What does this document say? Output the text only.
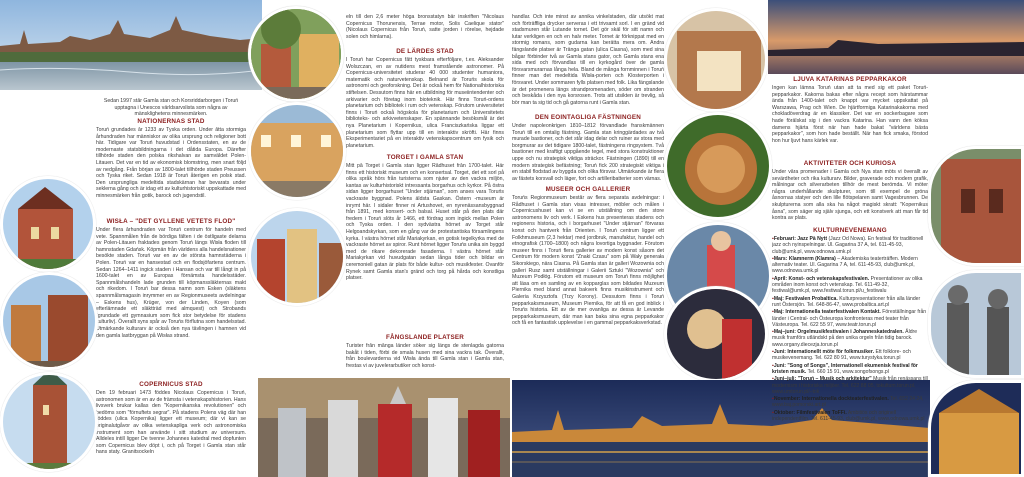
Sedan 1997 står Gamla stan och Korsriddarborgen i Toruń upptagna i Unescos världsarvslista som några av mänsklighetens minnesmärken.

NATIONERNAS STAD

Toruń grundades år 1233 av Tyska orden. Under åtta stormiga århundraden har människor av olika ursprung och religioner bott här. Tidigare var Toruń huvudstad i Ordensstaten, en av de modernaste statsbildningarna i det dåtida Europa. Därefter tillhörde staden den polska rikshalvan av samväldet Polen-Litauen. Det var en tid av ekonomisk blomstring, men snart följd av nedgång. Från början av 1800-talet tillhörde staden Preussen och Tyska riket. Sedan 1918 är Toruń återigen en polsk stad. Den ursprungliga medeltida stadskärnan har bevarats under seklerna gång och är idag ett av kulturhistoriskt uppskattade med minnesmärken från gotik, barock och jugendstil.

WISŁA – "DET GYLLENE VETETS FLOD"

Under flera århundraden var Toruń centrum för handeln med vete. Spannmålen från de bördiga fälten i de östligaste delarna av Polen-Litauen fraktades genom Toruń längs Wisła floden till hamnstaden Gdańsk. Köpmän från världens alla handelsnationer besökte staden. Toruń var en av de största hamnstäderna i Polen. Toruń var en hansestad och en flodsjöfartens centrum. Sedan 1264–1411 ingick staden i Hansan och var till långt in på 1600-talet en av Europas förnämsta handelsstäder. Spannmålshandeln lade grunden till köpmanssläkternas makt och rikedom. I Toruń bar dessa namn som Esken (släktens spannmålsmagasin inrymmer en av Regionmuseets avdelningar – Eskens hus), Krüger, von der Linden, Koyen (som efterlämnade ett släktträd med almquest) och Strobands (grundade ett gymnasium som fick stor betydelse för stadens kulturliv). Överallt syns spår av Toruńs förflutna som handelsstad. Utmärkande kulturarv är också den nya tävlingen i hamnen vid den gamla lastbryggan på Wisłas strand.

COPERNICUS STAD

Den 19 februari 1473 föddes Nicolaus Copernicus i Toruń, astronomen som är en av de främsta i vetenskapshistorien. Hans livsverk brukar kallas den "Kopernikanska revolutionen" och bedöms som "förnuftets segrar". På stadens Polens väg där han föddes (ulica Kopernika) ligger ett museum; där vi kan se originalutgåvor av olika vetenskapliga verk och astronomiska instrument som han använde i sitt studium av universum. Alldeles intill ligger De tvenne Johannes katedral med dopfunten som Copernicus blev döpt i, och på Torget i Gamla stan står hans staty. Granitsockeln

eln till den 2,6 meter höga bronsstatyn bär inskriften "Nicolaus Copernicus Thorunensis, Terrae motor, Solis Caelique stator" (Nicolaus Copernicus från Toruń, satte jorden i rörelse, hejdade solen och himlarna).

DE LÄRDES STAD

I Toruń har Copernicus fått tyskbara efterföljare, t.ex. Aleksander Wolszczan, en av nutidens mest framstående astronomer. På Copernicus-universitetet studerar 40 000 studenter humaniora, matematik och naturvetenskap. Belnand är Toruńs skola för astronomi och geoforskning. Det är också hem för Nationalhistoriska stiftelsen. Dessutom finns här en utbildning för museiintendenter och arkivarier och företag inom bioteknik. Här finns Toruń-ordens planetarium och bibliotek i rum och vetenskap. Förutom universitetet finns i Toruń också högskola för planetarium och Universitetets biblioteks- och arkivvetenskaper. En spännande besöksmål är det nya Planetarium i Kopernikus, ulica Franciszkańska liggar ett planetarium som flyttar upp till en interaktiv skröfti. Här finns Eksperimentariet på en interaktiv vetenskapscentrum om fysik och planetarium.

TORGET I GAMLA STAN

Mitt på Torget i Gamla stan ligger Rådhuset från 1700-talet. Här finns ett historiskt museum och en konsertsal. Torget, det ett sorl på olika språk hörs från turisterna som njuter av den vackra miljön, kantas av kulturhistoriskt intressanta borgarhus och kyrkor. På östra sidan ligger borgarhuset "Under stjärnan", som anses vara Toruńs vackraste byggnad. Polens äldsta Gaskan. Östern -museum är inrymt här. I sidaler finner ni Artushovet, en nyrenässansbyggnad från 1891, med konsert- och balsal. Huset står på den plats där fredern i Toruń slöts år 1466, ett fördrag som ingick mellan Polen och Tyska orden. I den sydvästra hörnet av Torget står Helgoandskyrkan, som en gång var de protestantiska församlingens kyrka. I västra hörnet står Mariakyrkan, en gotisk tegelkyrka med de vackraste hörnet av spiror. Runt hörnet ligger Toruńs unika sin byggd med de rikare dekorerade fasaderna. I västra hörnet står Mariakyrkan vid huvudgatan sedan långa tider och bildar en ceremoniell gatan är plats för både kultur- och musikfester. Ovanför Rynek samt Gamla stan's gränd och torg på hårda och konstliga platser.

FÅNGSLANDE PLATSER

Turister från många länder söker sig längs de stenlagda gatorna bakåt i tiden, förbi de smala husen med sina vackra tak. Överallt, från boulevarderna vid Wisła ända till Gamla stan i Gamla stan, frestas vi av juvelerarbutiker och konst-

handlar. Och inte minst av annika vinkelstaden, där utsökt mat och förträffliga drycker serveras i ett trivsamt sorl. I en gränd vid stadsmuren står Lutande tornet. Det gör skäl för sitt namn och lutar verkligen en och en halv meter. Tornet är förknippat med en stormig romans, som gudarna kan berätta mera om. Andra fängslande platser är Tränga gatan (ulica Ciasna), som med sina bågar förbinder två av Gamla stans gator, och Gamla stans ena sida med och förvandlas till en kyrkogård över de gamla försvarsmurarnas långa hela. Bland de många fornminnen i Toruń finner man det medeltida Wisła-porten och Klosterporten i försvaret. Under sommaren fylls platsen med folk. Lika fängslande är det promenera längs strandpromenaden, söder om stranden och beskåda i den nya korsrosen. Trots att utsikten är trevlig, så bör man ta sig tid och gå gatorna runt i Gamla stan.

DEN EOINTAGLIGA FÄSTNINGEN

Under napoleonkrigen 1810–1812 förvandlade franskmännen Toruń till en omtalig fästning. Gamla stan kringgärdades av två murade bastioner, och det står idag delar och ruiner av stora med borgmurar av det tidigare 1800-talet, fästningens ringsystem. Två bastioner med kraftigt uppgående tegel, med stora konstruktioner uppe och nu strategisk viktiga sträckor. Fästningen (1890) till en modern strategisk befästning; Toruń fick 200 strategiskt viktiga i en stabil flodstad av byggda och olika försvar. Utmärkande är flera av fästets korsvall och läger, fort och artilleribatterier som värnas.

MUSEER OCH GALLERIER

Toruńs Regionmuseum består av flera separata avdelningar: i Rådhuset i Gamla stan visas intresser, möbler och målen i Copernicushuset kan vi se en utställning om den store astronomens liv och verk. I Eskens hus presenteras stadens och regionens historia, och i borgarhuset "Under stjärnan" förvaras konst och hantverk från Orienten. I Toruń centrum ligger ett Folkhmuseum (2,3 hektar) med jordbruk, manufaktur, handel och etnografisk (1700–1800) och några lovortiga byggnader. Förutom museer finns i Toruń flera gallerier av modern konst såsom det Centrum för modern konst "Znaki Czasu" som på Wały generała Sikorskiego, nära Ciasna. På Gamla stan är galleri Wozownia och galleri Rusz samt utställningar i Galerii Sztuki "Wozownia" och Muzeum Podłóg. Förutom ett museum om Toruń finns möjlighet att läsa om en samling av en kopparglas som bildades Muzeum Piernika med bland annat bakverk finns musikinstrument och Galeria Krzysztofa (Trzy Korony). Dessutom finns i Toruń pepparkaksmuseum, Museum Piernika, för att få en god inblick i Toruńs historia. Ett av de mer ovanliga av dessa är Levande pepparkaksmuseum, där man kan baka sina egna pepparkakor och få en fantastisk upplevelse i en gammal pepparkaksverkstad.

LJUVA KATARINAS PEPPARKAKOR

Ingen kan lämna Toruń utan att ta med sig ett paket Toruń-pepparkakor. Kakorna bakas efter några recept som härstammar ända från 1400-talet och knappt var mycket uppskattat på Warszawa, Prag och Wien. De hjärtformiga Katarinakakorna med chokladöverdrag är en klassiker. Det var en sockerbagare som hade förälskat sig i den vackra Katarina. Han vann den köksa damens hjärta först när han hade bakat "världens bästa pepparkakor", som hon hade beställt. När han fick smaka, förstod hon hur ljuvt hans kärlek var.

AKTIVITETER OCH KURIOSA

Under våra promenader i Gamla och Nya stan möts vi överallt av sevärdheter och rika kulturarv. Bilder, graverade och modern grafik, målningar och silverarbeten tillhör de mest berömda. Vi möter några underhållande skulpturer, som till exempel de gröna åsnornas statyer och den lille flötspelaren samt Vagesbrunnen. De skulpturerna som alla ska ha något magiskt skratt: "Kopernikus åsna", som säger sig själv sjunga, och ett konstverk att man får tid kontra av plats.

KULTURNEVENEMANG
▪ Februari: Jazz På Nytt (Jazz Od Nowa). En festival för traditionell jazz och nyinspelningar. Ul. Gagarina 37 A, tel. 611-45-93, club@umk.pl, www.odnowa.umk.pl
▪ Mars: Klamnerm (Klamra) – Akademiska teaterträffen. Modern alternativ teater. Ul. Gagarina 7 A, tel. 611-45-93, club@umk.pl, www.odnowa.umk.pl
▪ April: Konst- och vetenskapsfestivalen. Presentationer av olika områden inom konst och vetenskap. Tel. 611-49-32, festiwal@umk.pl, www.festiwal.torun.pl/u_festiwalu
▪ Maj: Festivalen Probaltica. Kulturpresentationer från alla länder runt Östersjön. Tel. 648-86-47, www.probaltica.art.pl
▪ Maj: Internationella teaterfestivalen Kontakt. Föreställningar från länder i Central- och Östeuropa konfronteras med teater från Västeuropa. Tel. 622 55 97, www.teatr.torun.pl
▪ Maj–juni: Orgelmusikfestivalen i Johanneskatedralen. Äldre musik framförs utländskt på den unika orgeln från tidig barock. www.organy.diecezja.torun.pl
▪ Juni: Internationellt möte för folkmusiker. Ett folklore- och musikevenemang. Tel. 622 80 91, www.turystyka.torun.pl
▪ Juni: "Song of Songs", Internationell ekumenisk festival för kristen musik. Tel. 660 15 91, www.songofsongs.pl
▪ Juni–juli: "Toruń – Musik och arkitektur" Musik från renässans till modernism i historiska miljöer. Tel. 622 88 05, tokultum.torun.pl, www.umtorun.pl/–tok
▪ November: Internationella dockteaterfestivalen. Tel. 652 24 24, www.baj.pomorski.art.pl
▪ Oktober: Filmfestivalen ToFFi. Ambitiös och originell independentfilm. Tel. 611-45-93, club@umk.pl, www.odnowa.umk.pl
